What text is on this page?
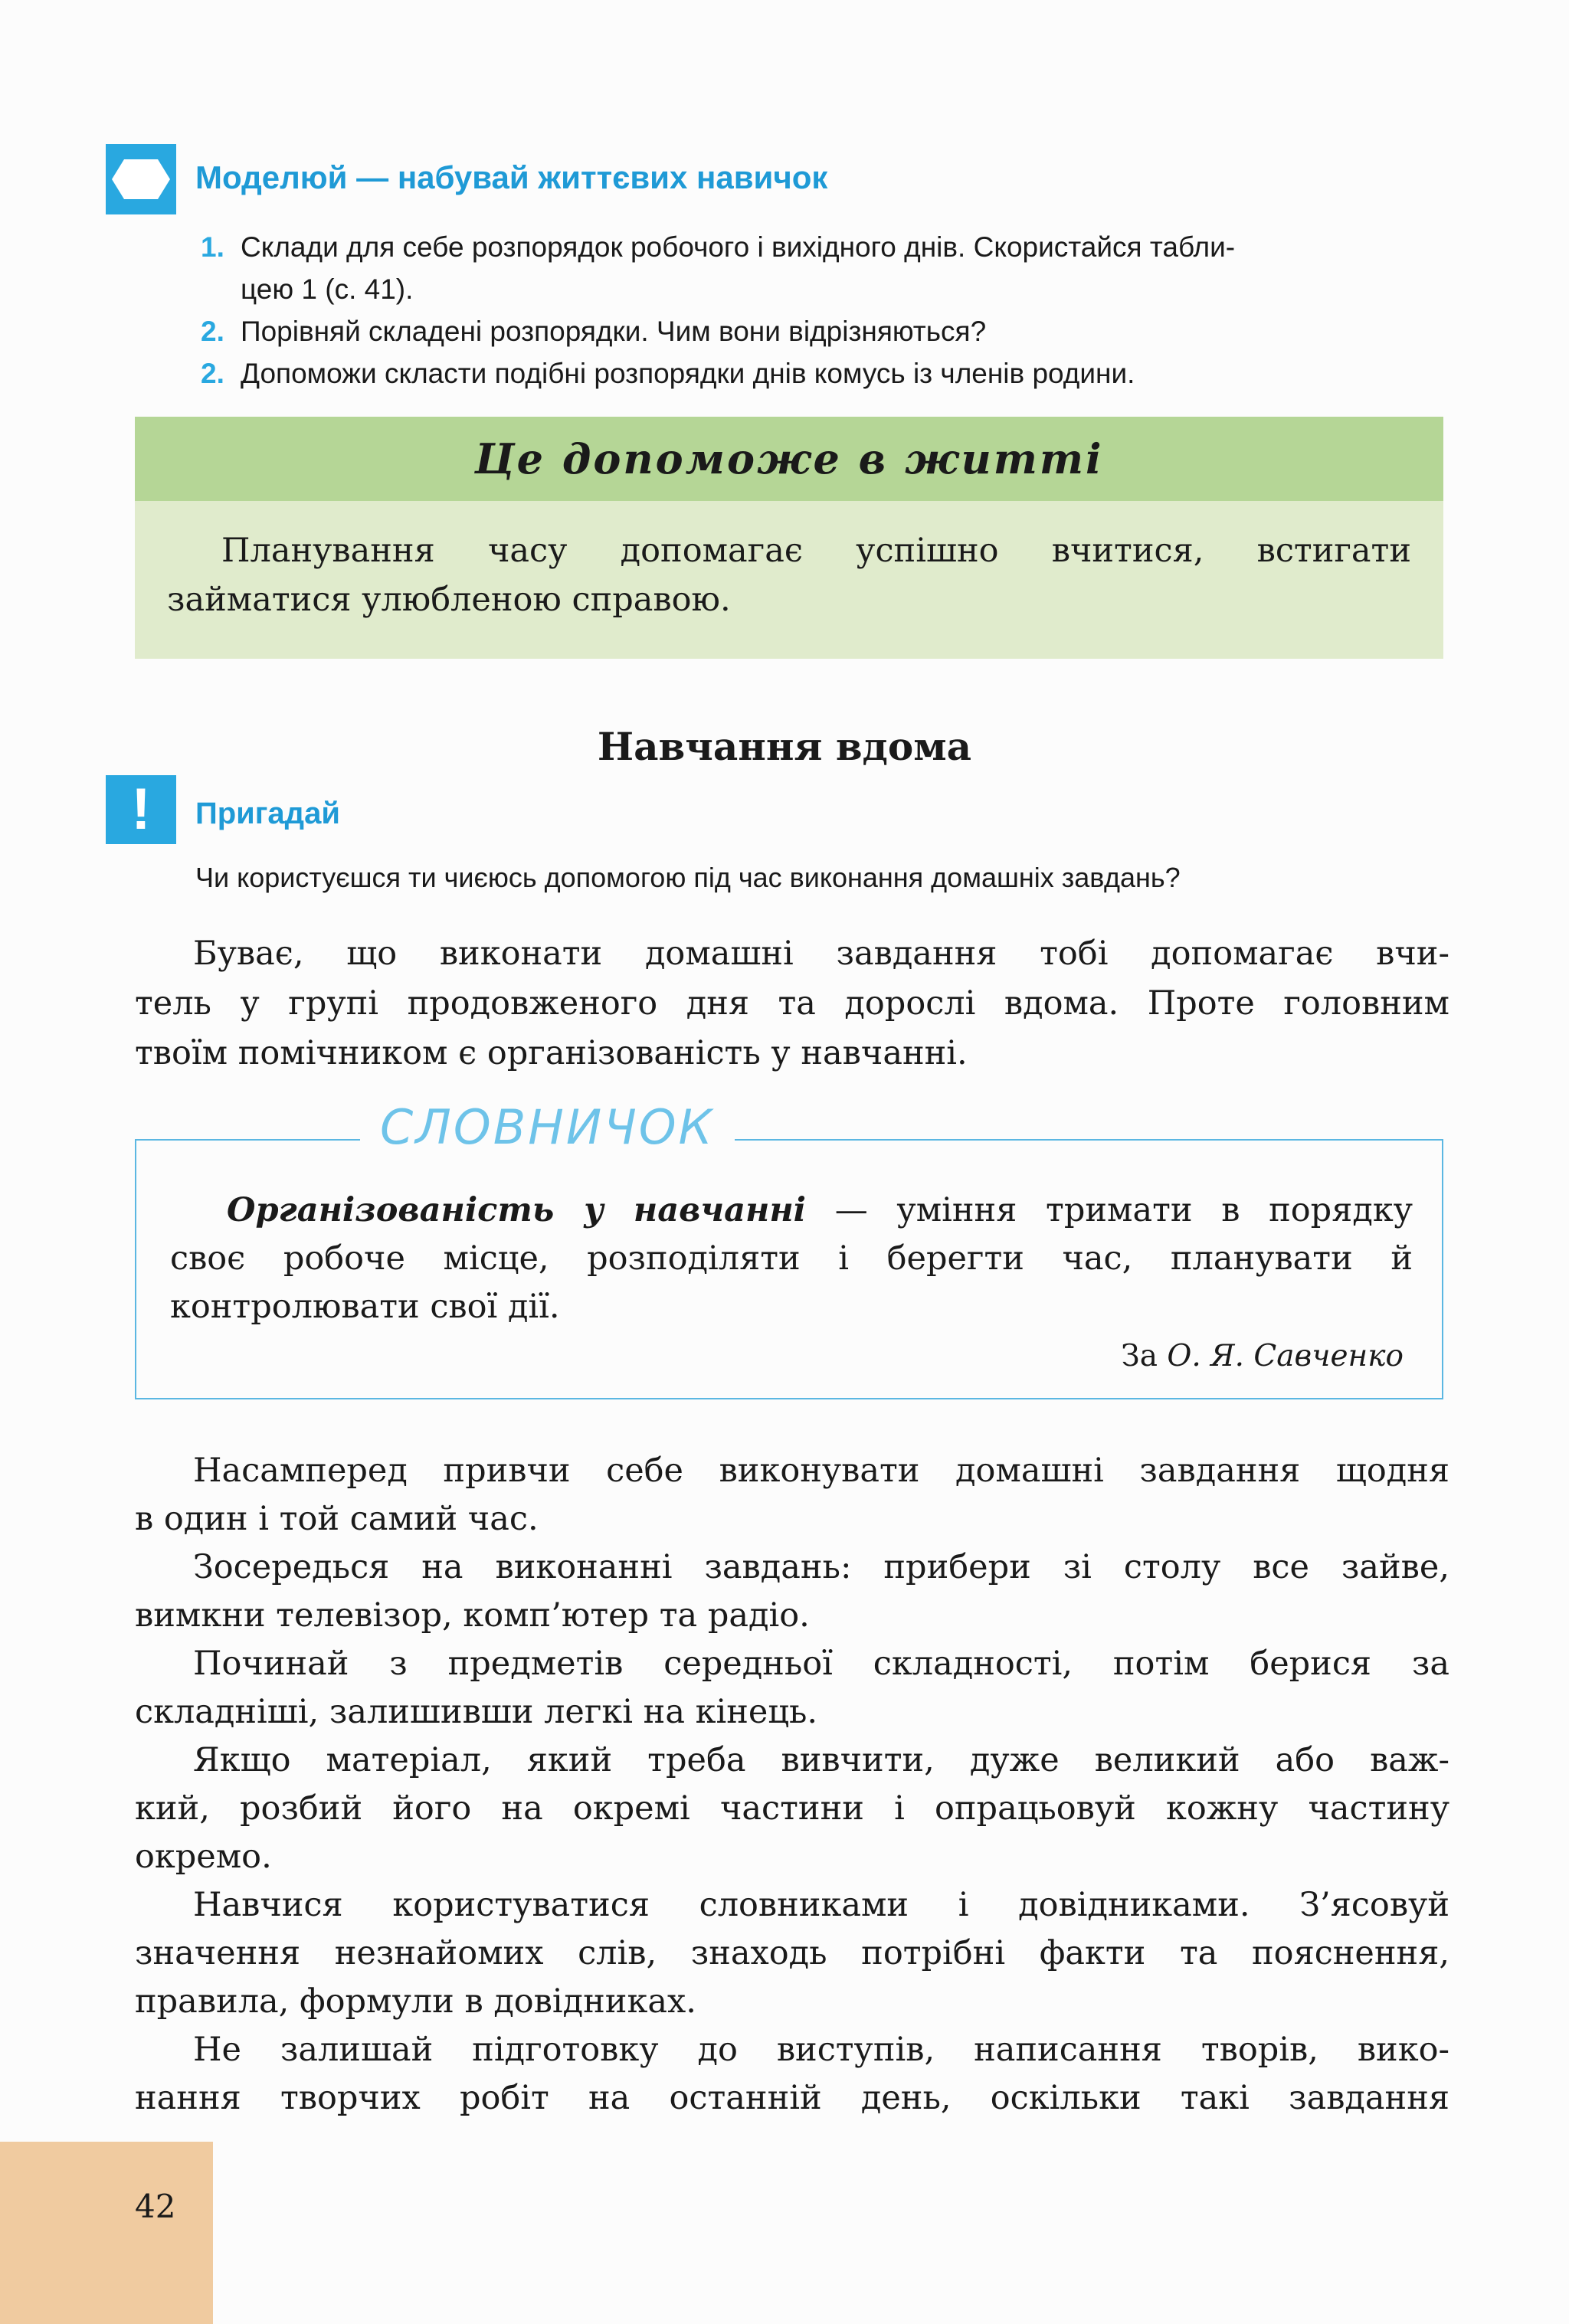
Моделюй — набувай життєвих навичок
1. Склади для себе розпорядок робочого і вихідного днів. Скористайся табли-
цею 1 (с. 41).
2. Порівняй складені розпорядки. Чим вони відрізняються?
2. Допоможи скласти подібні розпорядки днів комусь із членів родини.
Це допоможе в житті
Планування часу допомагає успішно вчитися, встигати
займатися улюбленою справою.
Навчання вдома
!	Пригадай
Чи користуєшся ти чиєюсь допомогою під час виконання домашніх завдань?
Буває, що виконати домашні завдання тобі допомагає вчи-
тель у групі продовженого дня та дорослі вдома. Проте головним
твоїм помічником є організованість у навчанні.
СЛОВНИЧОК
Організованість у навчанні — уміння тримати в порядку
своє робоче місце, розподіляти і берегти час, планувати й
контролювати свої дії.
За О. Я. Савченко
Насамперед привчи себе виконувати домашні завдання щодня
в один і той самий час.
Зосередься на виконанні завдань: прибери зі столу все зайве,
вимкни телевізор, комп’ютер та радіо.
Починай з предметів середньої складності, потім берися за
складніші, залишивши легкі на кінець.
Якщо матеріал, який треба вивчити, дуже великий або важ-
кий, розбий його на окремі частини і опрацьовуй кожну частину
окремо.
Навчися користуватися словниками і довідниками. З’ясовуй
значення незнайомих слів, знаходь потрібні факти та пояснення,
правила, формули в довідниках.
Не залишай підготовку до виступів, написання творів, вико-
нання творчих робіт на останній день, оскільки такі завдання
42
